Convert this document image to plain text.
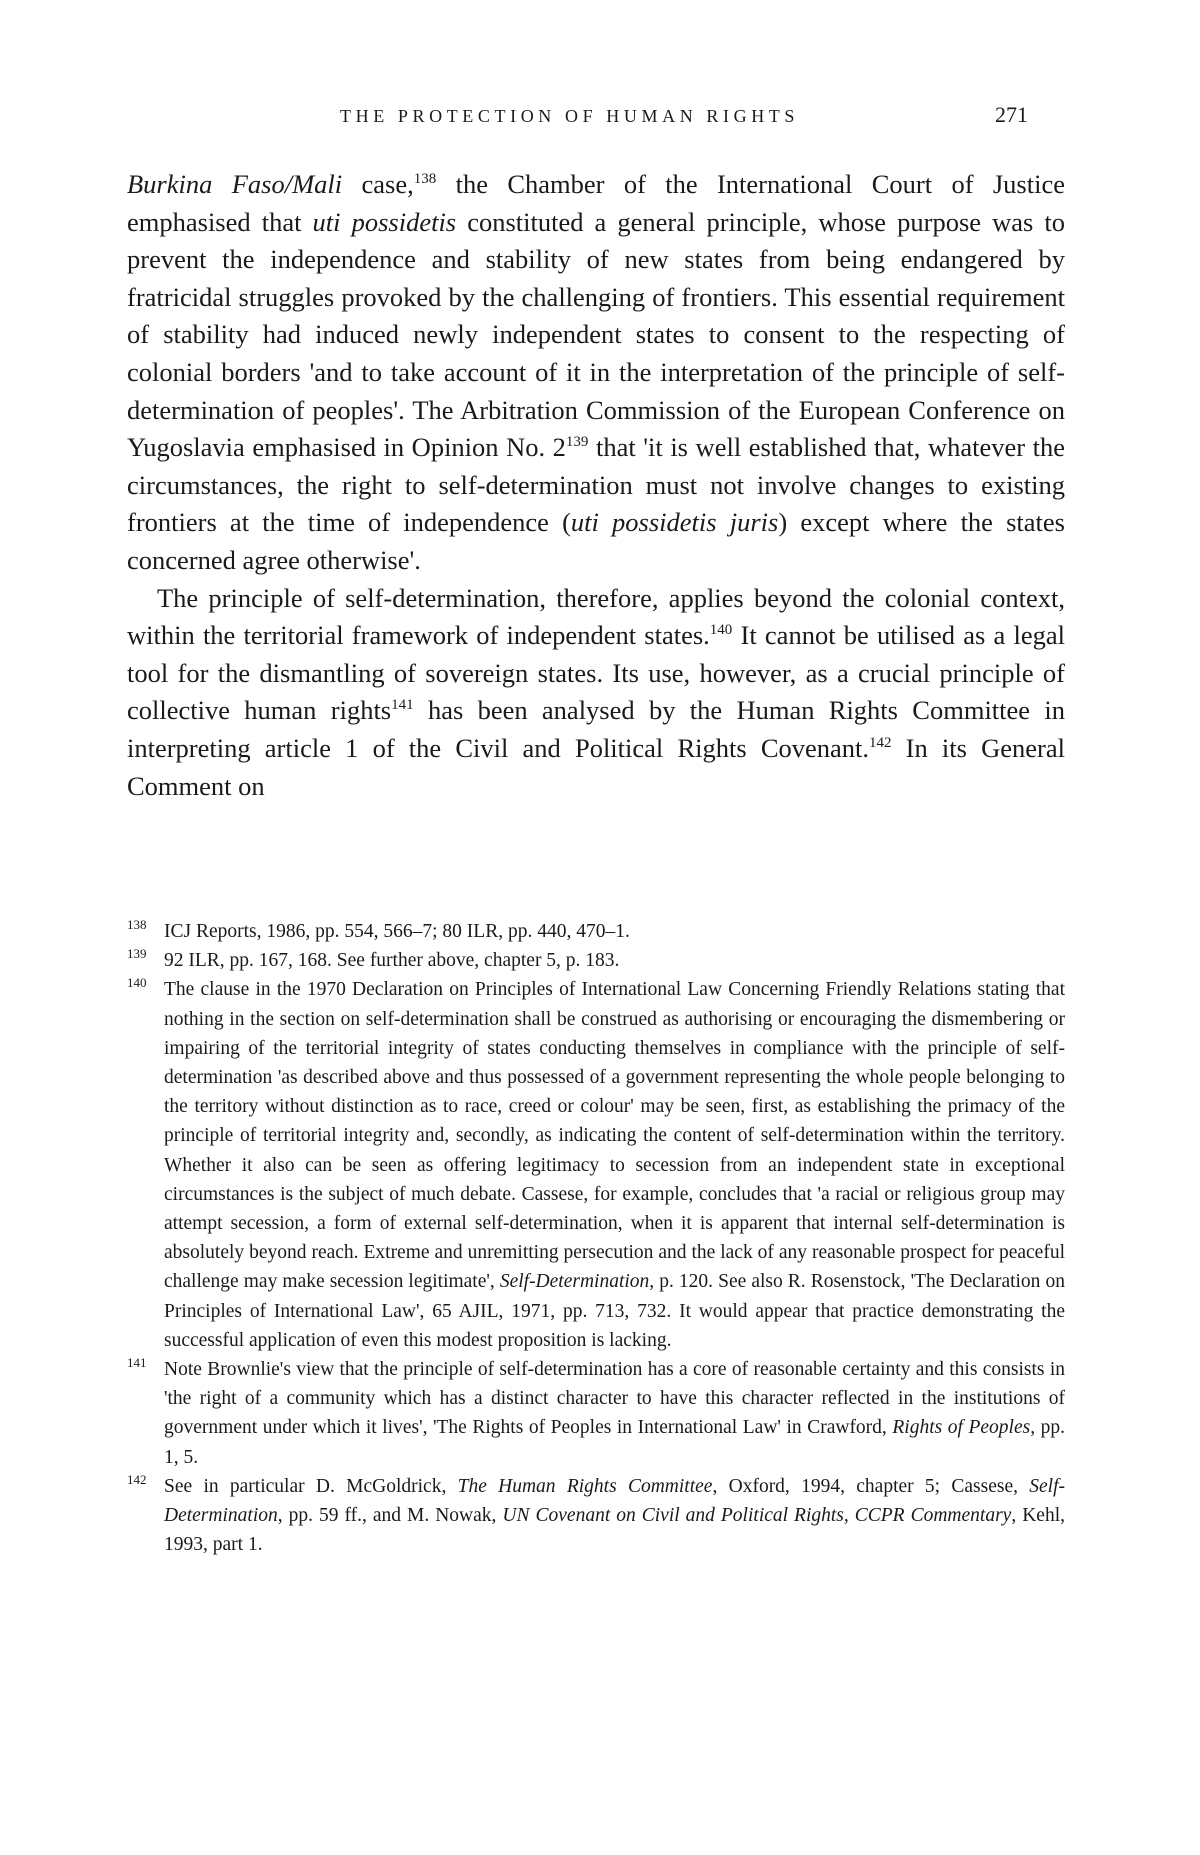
THE PROTECTION OF HUMAN RIGHTS	271

Burkina Faso/Mali case,$^{138}$ the Chamber of the International Court of Justice emphasised that uti possidetis constituted a general principle, whose purpose was to prevent the independence and stability of new states from being endangered by fratricidal struggles provoked by the challenging of frontiers. This essential requirement of stability had induced newly independent states to consent to the respecting of colonial borders 'and to take account of it in the interpretation of the principle of self-determination of peoples'. The Arbitration Commission of the European Conference on Yugoslavia emphasised in Opinion No. 2$^{139}$ that 'it is well established that, whatever the circumstances, the right to self-determination must not involve changes to existing frontiers at the time of independence (uti possidetis juris) except where the states concerned agree otherwise'.

The principle of self-determination, therefore, applies beyond the colonial context, within the territorial framework of independent states.$^{140}$ It cannot be utilised as a legal tool for the dismantling of sovereign states. Its use, however, as a crucial principle of collective human rights$^{141}$ has been analysed by the Human Rights Committee in interpreting article 1 of the Civil and Political Rights Covenant.$^{142}$ In its General Comment on

138 ICJ Reports, 1986, pp. 554, 566–7; 80 ILR, pp. 440, 470–1.

139 92 ILR, pp. 167, 168. See further above, chapter 5, p. 183.

140 The clause in the 1970 Declaration on Principles of International Law Concerning Friendly Relations stating that nothing in the section on self-determination shall be construed as authorising or encouraging the dismembering or impairing of the territorial integrity of states conducting themselves in compliance with the principle of self-determination 'as described above and thus possessed of a government representing the whole people belonging to the territory without distinction as to race, creed or colour' may be seen, first, as establishing the primacy of the principle of territorial integrity and, secondly, as indicating the content of self-determination within the territory. Whether it also can be seen as offering legitimacy to secession from an independent state in exceptional circumstances is the subject of much debate. Cassese, for example, concludes that 'a racial or religious group may attempt secession, a form of external self-determination, when it is apparent that internal self-determination is absolutely beyond reach. Extreme and unremitting persecution and the lack of any reasonable prospect for peaceful challenge may make secession legitimate', Self-Determination, p. 120. See also R. Rosenstock, 'The Declaration on Principles of International Law', 65 AJIL, 1971, pp. 713, 732. It would appear that practice demonstrating the successful application of even this modest proposition is lacking.

141 Note Brownlie's view that the principle of self-determination has a core of reasonable certainty and this consists in 'the right of a community which has a distinct character to have this character reflected in the institutions of government under which it lives', 'The Rights of Peoples in International Law' in Crawford, Rights of Peoples, pp. 1, 5.

142 See in particular D. McGoldrick, The Human Rights Committee, Oxford, 1994, chapter 5; Cassese, Self-Determination, pp. 59 ff., and M. Nowak, UN Covenant on Civil and Political Rights, CCPR Commentary, Kehl, 1993, part 1.
